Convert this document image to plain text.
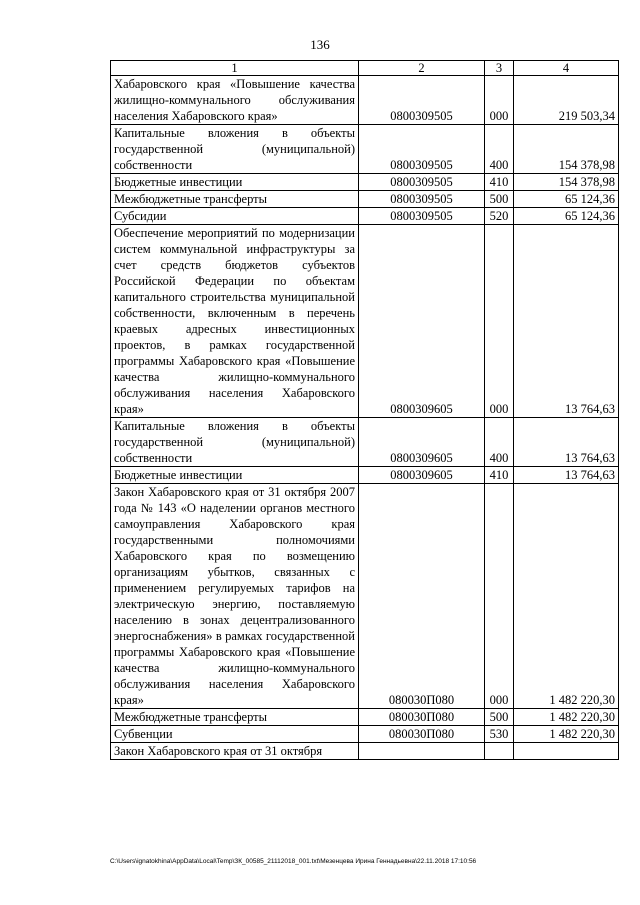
136
1	2	3	4
Хабаровского края «Повышение качества жилищно-коммунального обслуживания населения Хабаровского края»	0800309505	000	219 503,34
Капитальные вложения в объекты государственной (муниципальной) собственности	0800309505	400	154 378,98
Бюджетные инвестиции	0800309505	410	154 378,98
Межбюджетные трансферты	0800309505	500	65 124,36
Субсидии	0800309505	520	65 124,36
Обеспечение мероприятий по модернизации систем коммунальной инфраструктуры за счет средств бюджетов субъектов Российской Федерации по объектам капитального строительства муниципальной собственности, включенным в перечень краевых адресных инвестиционных проектов, в рамках государственной программы Хабаровского края «Повышение качества жилищно-коммунального обслуживания населения Хабаровского края»	0800309605	000	13 764,63
Капитальные вложения в объекты государственной (муниципальной) собственности	0800309605	400	13 764,63
Бюджетные инвестиции	0800309605	410	13 764,63
Закон Хабаровского края от 31 октября 2007 года № 143 «О наделении органов местного самоуправления Хабаровского края государственными полномочиями Хабаровского края по возмещению организациям убытков, связанных с применением регулируемых тарифов на электрическую энергию, поставляемую населению в зонах децентрализованного энергоснабжения» в рамках государственной программы Хабаровского края «Повышение качества жилищно-коммунального обслуживания населения Хабаровского края»	080030П080	000	1 482 220,30
Межбюджетные трансферты	080030П080	500	1 482 220,30
Субвенции	080030П080	530	1 482 220,30
Закон Хабаровского края от 31 октября			
C:\Users\ignatokhina\AppData\Local\Temp\ЗК_00585_21112018_001.txt\Мезенцева Ирина Геннадьевна\22.11.2018 17:10:56
